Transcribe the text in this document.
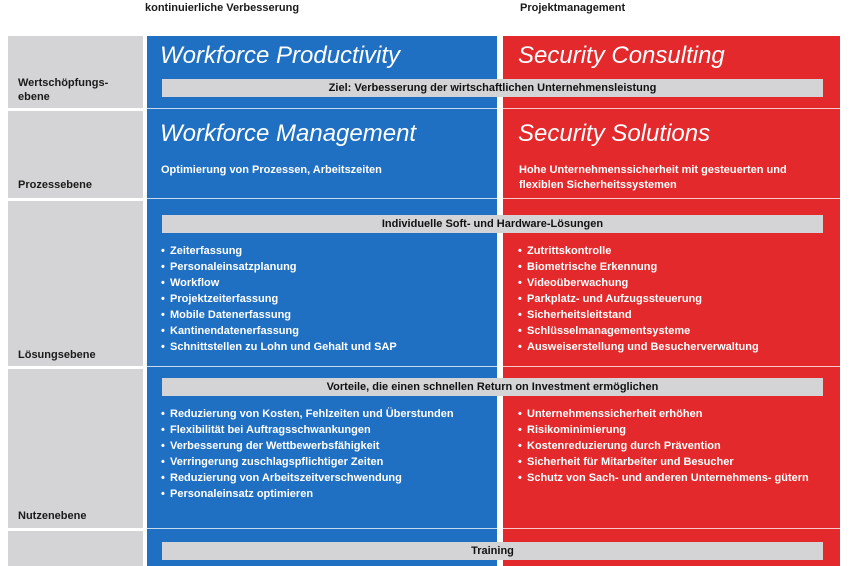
kontinuierliche Verbesserung	Projektmanagement
Wertschöpfungs- ebene
Prozessebene
Lösungsebene
Nutzenebene
Workforce Productivity	Security Consulting
Ziel: Verbesserung der wirtschaftlichen Unternehmensleistung
Workforce Management
Optimierung von Prozessen, Arbeitszeiten
Security Solutions
Hohe Unternehmenssicherheit mit gesteuerten und flexiblen Sicherheitssystemen
Individuelle Soft- und Hardware-Lösungen
• Zeiterfassung
• Personaleinsatzplanung
• Workflow
• Projektzeiterfassung
• Mobile Datenerfassung
• Kantinendatenerfassung
• Schnittstellen zu Lohn und Gehalt und SAP
• Zutrittskontrolle
• Biometrische Erkennung
• Videoüberwachung
• Parkplatz- und Aufzugssteuerung
• Sicherheitsleitstand
• Schlüsselmanagementsysteme
• Ausweiserstellung und Besucherverwaltung
Vorteile, die einen schnellen Return on Investment ermöglichen
• Reduzierung von Kosten, Fehlzeiten und Überstunden
• Flexibilität bei Auftragsschwankungen
• Verbesserung der Wettbewerbsfähigkeit
• Verringerung zuschlagspflichtiger Zeiten
• Reduzierung von Arbeitszeitverschwendung
• Personaleinsatz optimieren
• Unternehmenssicherheit erhöhen
• Risikominimierung
• Kostenreduzierung durch Prävention
• Sicherheit für Mitarbeiter und Besucher
• Schutz von Sach- und anderen Unternehmens- gütern
Training
